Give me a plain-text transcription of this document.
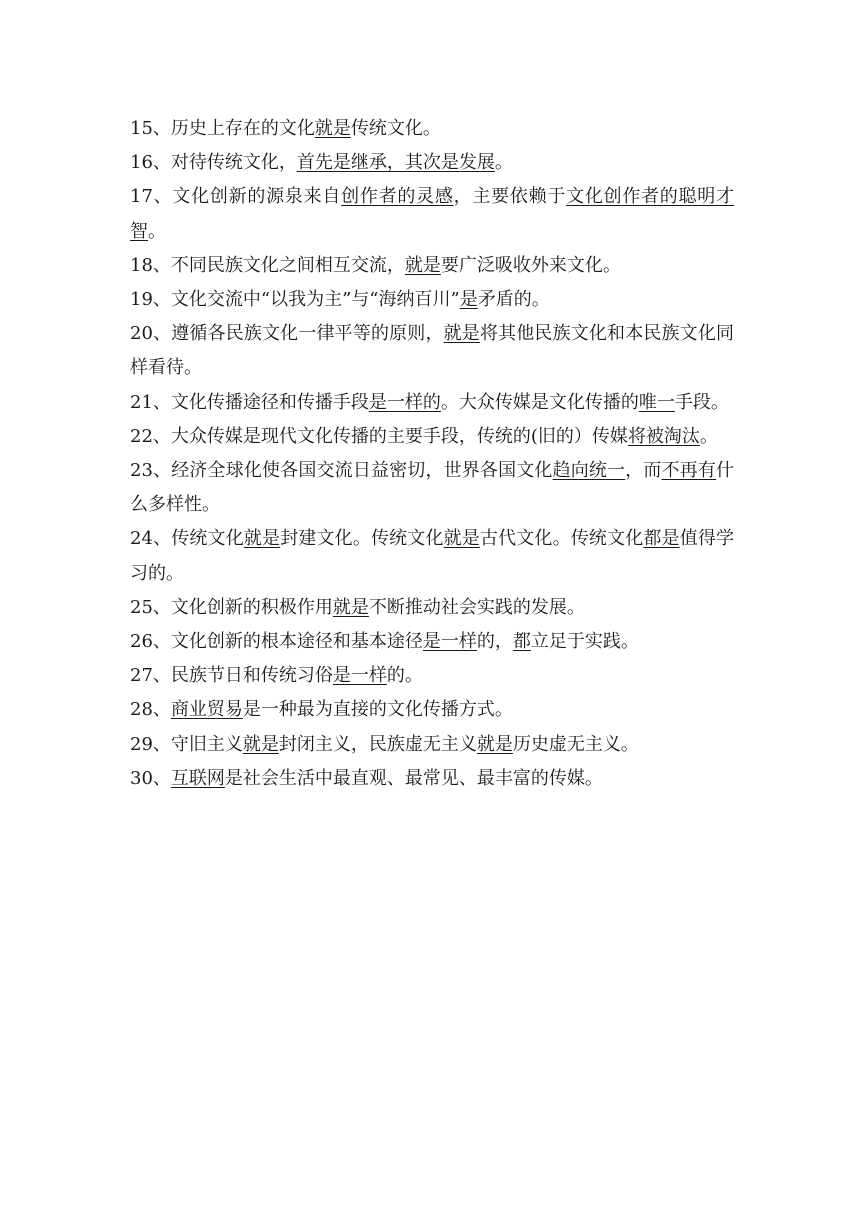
15、历史上存在的文化就是传统文化。

16、对待传统文化，首先是继承，其次是发展。

17、文化创新的源泉来自创作者的灵感，主要依赖于文化创作者的聪明才智。

18、不同民族文化之间相互交流，就是要广泛吸收外来文化。

19、文化交流中“以我为主”与“海纳百川”是矛盾的。

20、遵循各民族文化一律平等的原则，就是将其他民族文化和本民族文化同样看待。

21、文化传播途径和传播手段是一样的。大众传媒是文化传播的唯一手段。

22、大众传媒是现代文化传播的主要手段，传统的(旧的）传媒将被淘汰。

23、经济全球化使各国交流日益密切，世界各国文化趋向统一，而不再有什么多样性。

24、传统文化就是封建文化。传统文化就是古代文化。传统文化都是值得学习的。

25、文化创新的积极作用就是不断推动社会实践的发展。

26、文化创新的根本途径和基本途径是一样的，都立足于实践。

27、民族节日和传统习俗是一样的。

28、商业贸易是一种最为直接的文化传播方式。

29、守旧主义就是封闭主义，民族虚无主义就是历史虚无主义。

30、互联网是社会生活中最直观、最常见、最丰富的传媒。
